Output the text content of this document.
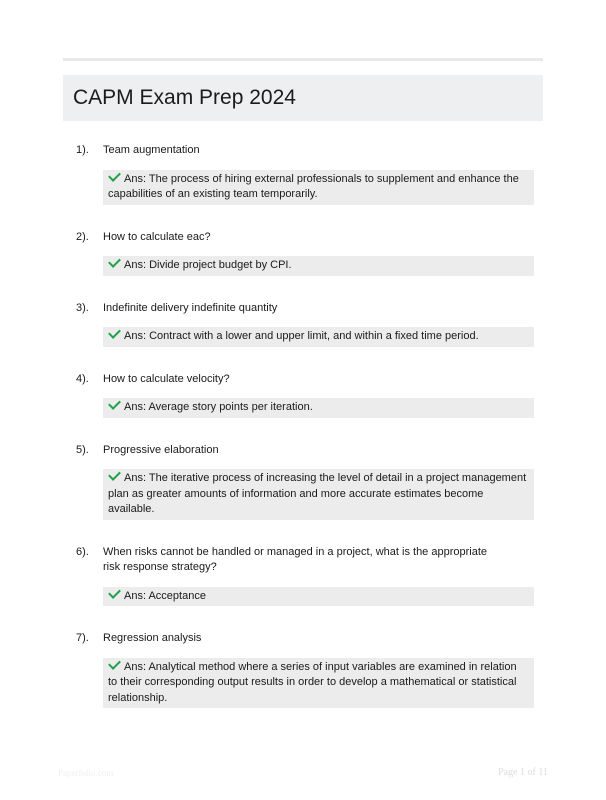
CAPM Exam Prep 2024
1). Team augmentation
Ans: The process of hiring external professionals to supplement and enhance the capabilities of an existing team temporarily.
2). How to calculate eac?
Ans: Divide project budget by CPI.
3). Indefinite delivery indefinite quantity
Ans: Contract with a lower and upper limit, and within a fixed time period.
4). How to calculate velocity?
Ans: Average story points per iteration.
5). Progressive elaboration
Ans: The iterative process of increasing the level of detail in a project management plan as greater amounts of information and more accurate estimates become available.
6). When risks cannot be handled or managed in a project, what is the appropriate risk response strategy?
Ans: Acceptance
7). Regression analysis
Ans: Analytical method where a series of input variables are examined in relation to their corresponding output results in order to develop a mathematical or statistical relationship.
Paperfolio.com	Page 1 of 11
